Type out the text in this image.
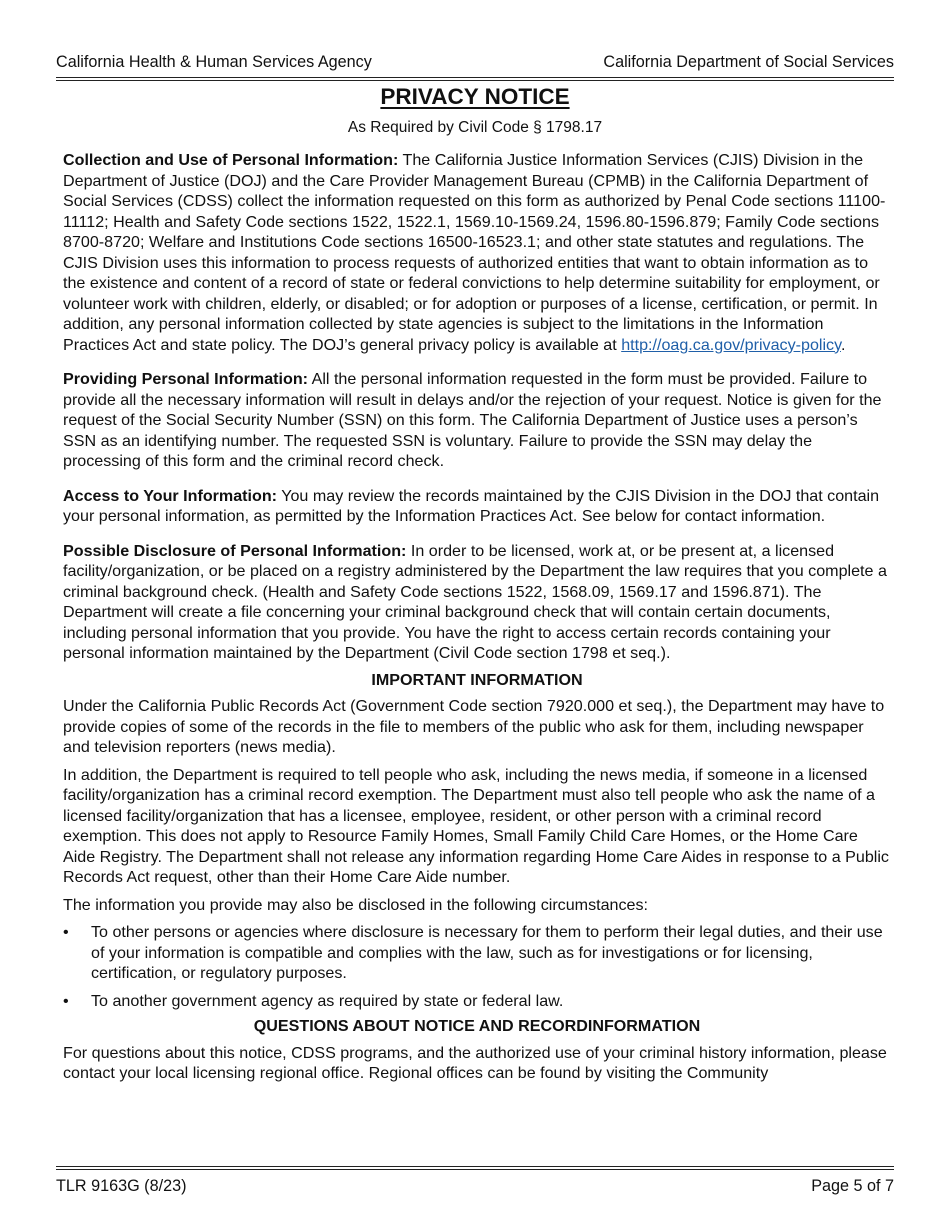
California Health & Human Services Agency	California Department of Social Services
PRIVACY NOTICE
As Required by Civil Code § 1798.17

Collection and Use of Personal Information: The California Justice Information Services (CJIS) Division in the Department of Justice (DOJ) and the Care Provider Management Bureau (CPMB) in the California Department of Social Services (CDSS) collect the information requested on this form as authorized by Penal Code sections 11100-11112; Health and Safety Code sections 1522, 1522.1, 1569.10-1569.24, 1596.80-1596.879; Family Code sections 8700-8720; Welfare and Institutions Code sections 16500-16523.1; and other state statutes and regulations. The CJIS Division uses this information to process requests of authorized entities that want to obtain information as to the existence and content of a record of state or federal convictions to help determine suitability for employment, or volunteer work with children, elderly, or disabled; or for adoption or purposes of a license, certification, or permit. In addition, any personal information collected by state agencies is subject to the limitations in the Information Practices Act and state policy. The DOJ’s general privacy policy is available at http://oag.ca.gov/privacy-policy.

Providing Personal Information: All the personal information requested in the form must be provided. Failure to provide all the necessary information will result in delays and/or the rejection of your request. Notice is given for the request of the Social Security Number (SSN) on this form. The California Department of Justice uses a person’s SSN as an identifying number. The requested SSN is voluntary. Failure to provide the SSN may delay the processing of this form and the criminal record check.

Access to Your Information: You may review the records maintained by the CJIS Division in the DOJ that contain your personal information, as permitted by the Information Practices Act. See below for contact information.

Possible Disclosure of Personal Information: In order to be licensed, work at, or be present at, a licensed facility/organization, or be placed on a registry administered by the Department the law requires that you complete a criminal background check. (Health and Safety Code sections 1522, 1568.09, 1569.17 and 1596.871). The Department will create a file concerning your criminal background check that will contain certain documents, including personal information that you provide. You have the right to access certain records containing your personal information maintained by the Department (Civil Code section 1798 et seq.).

IMPORTANT INFORMATION

Under the California Public Records Act (Government Code section 7920.000 et seq.), the Department may have to provide copies of some of the records in the file to members of the public who ask for them, including newspaper and television reporters (news media).

In addition, the Department is required to tell people who ask, including the news media, if someone in a licensed facility/organization has a criminal record exemption. The Department must also tell people who ask the name of a licensed facility/organization that has a licensee, employee, resident, or other person with a criminal record exemption. This does not apply to Resource Family Homes, Small Family Child Care Homes, or the Home Care Aide Registry. The Department shall not release any information regarding Home Care Aides in response to a Public Records Act request, other than their Home Care Aide number.

The information you provide may also be disclosed in the following circumstances:

• To other persons or agencies where disclosure is necessary for them to perform their legal duties, and their use of your information is compatible and complies with the law, such as for investigations or for licensing, certification, or regulatory purposes.
• To another government agency as required by state or federal law.
QUESTIONS ABOUT NOTICE AND RECORDINFORMATION

For questions about this notice, CDSS programs, and the authorized use of your criminal history information, please contact your local licensing regional office. Regional offices can be found by visiting the Community

TLR 9163G (8/23)	Page 5 of 7
